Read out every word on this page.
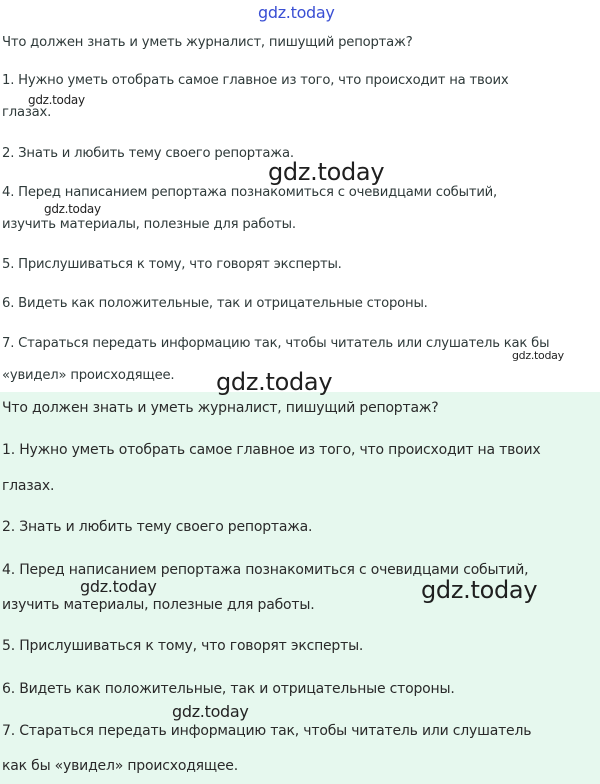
Что должен знать и уметь журналист, пишущий репортаж?
1. Нужно уметь отобрать самое главное из того, что происходит на твоих
глазах.
2. Знать и любить тему своего репортажа.
4. Перед написанием репортажа познакомиться с очевидцами событий,
изучить материалы, полезные для работы.
5. Прислушиваться к тому, что говорят эксперты.
6. Видеть как положительные, так и отрицательные стороны.
7. Стараться передать информацию так, чтобы читатель или слушатель как бы
«увидел» происходящее.
Что должен знать и уметь журналист, пишущий репортаж?
1. Нужно уметь отобрать самое главное из того, что происходит на твоих
глазах.
2. Знать и любить тему своего репортажа.
4. Перед написанием репортажа познакомиться с очевидцами событий,
изучить материалы, полезные для работы.
5. Прислушиваться к тому, что говорят эксперты.
6. Видеть как положительные, так и отрицательные стороны.
7. Стараться передать информацию так, чтобы читатель или слушатель
как бы «увидел» происходящее.
gdz.today
gdz.today
gdz.today
gdz.today
gdz.today
gdz.today
gdz.today	gdz.today
gdz.today
